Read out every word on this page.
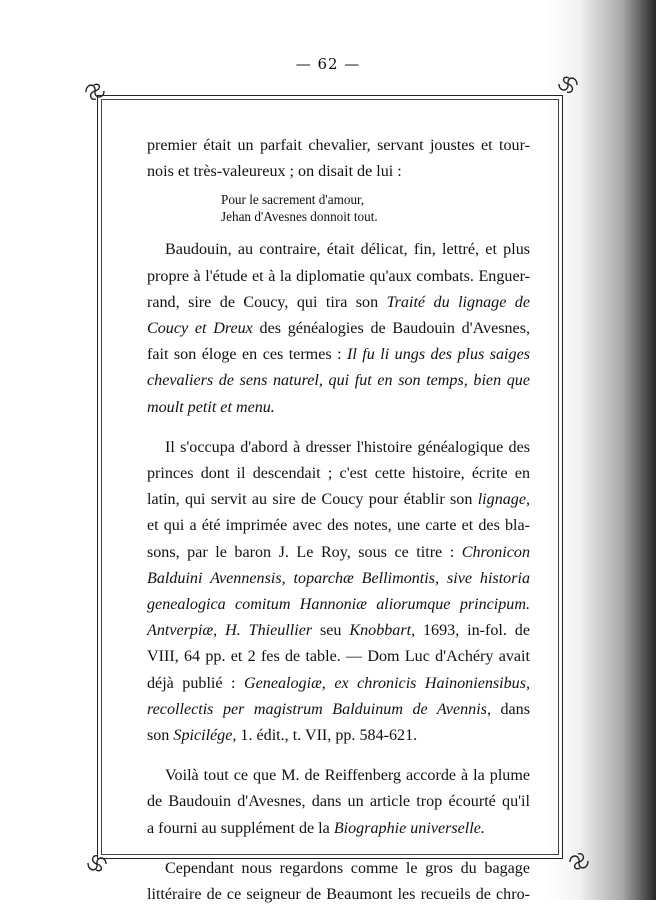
— 62 —

premier était un parfait chevalier, servant joustes et tour-
nois et très-valeureux ; on disait de lui :

Pour le sacrement d'amour,
Jehan d'Avesnes donnoit tout.

Baudouin, au contraire, était délicat, fin, lettré, et plus
propre à l'étude et à la diplomatie qu'aux combats. Enguer-
rand, sire de Coucy, qui tira son Traité du lignage de
Coucy et Dreux des généalogies de Baudouin d'Avesnes,
fait son éloge en ces termes : Il fu li ungs des plus saiges
chevaliers de sens naturel, qui fut en son temps, bien que
moult petit et menu.

Il s'occupa d'abord à dresser l'histoire généalogique des
princes dont il descendait ; c'est cette histoire, écrite en
latin, qui servit au sire de Coucy pour établir son lignage,
et qui a été imprimée avec des notes, une carte et des bla-
sons, par le baron J. Le Roy, sous ce titre : Chronicon
Balduini Avennensis, toparchæ Bellimontis, sive historia
genealogica comitum Hannoniæ aliorumque principum.
Antverpiæ, H. Thieullier seu Knobbart, 1693, in-fol. de
VIII, 64 pp. et 2 fes de table. — Dom Luc d'Achéry avait
déjà publié : Genealogiæ, ex chronicis Hainoniensibus,
recollectis per magistrum Balduinum de Avennis, dans
son Spicilége, 1. édit., t. VII, pp. 584-621.

Voilà tout ce que M. de Reiffenberg accorde à la plume
de Baudouin d'Avesnes, dans un article trop écourté qu'il
a fourni au supplément de la Biographie universelle.

Cependant nous regardons comme le gros du bagage
littéraire de ce seigneur de Beaumont les recueils de chro-
